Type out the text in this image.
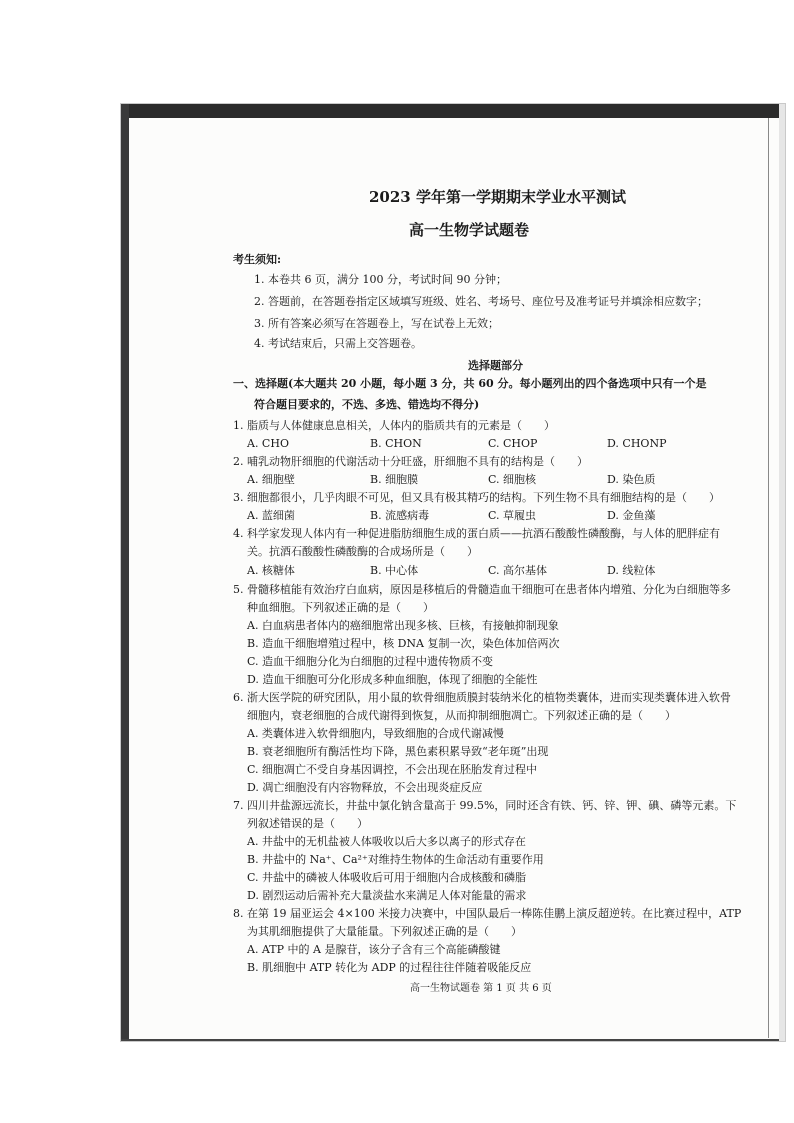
2023 学年第一学期期末学业水平测试
高一生物学试题卷
考生须知:
1. 本卷共 6 页，满分 100 分，考试时间 90 分钟；
2. 答题前，在答题卷指定区域填写班级、姓名、考场号、座位号及准考证号并填涂相应数字；
3. 所有答案必须写在答题卷上，写在试卷上无效；
4. 考试结束后，只需上交答题卷。
选择题部分
一、选择题(本大题共 20 小题，每小题 3 分，共 60 分。每小题列出的四个备选项中只有一个是
符合题目要求的，不选、多选、错选均不得分)
1. 脂质与人体健康息息相关，人体内的脂质共有的元素是（　　）
A. CHO	B. CHON	C. CHOP	D. CHONP
2. 哺乳动物肝细胞的代谢活动十分旺盛，肝细胞不具有的结构是（　　）
A. 细胞壁	B. 细胞膜	C. 细胞核	D. 染色质
3. 细胞都很小，几乎肉眼不可见，但又具有极其精巧的结构。下列生物不具有细胞结构的是（　　）
A. 蓝细菌	B. 流感病毒	C. 草履虫	D. 金鱼藻
4. 科学家发现人体内有一种促进脂肪细胞生成的蛋白质——抗酒石酸酸性磷酸酶，与人体的肥胖症有
关。抗酒石酸酸性磷酸酶的合成场所是（　　）
A. 核糖体	B. 中心体	C. 高尔基体	D. 线粒体
5. 骨髓移植能有效治疗白血病，原因是移植后的骨髓造血干细胞可在患者体内增殖、分化为白细胞等多
种血细胞。下列叙述正确的是（　　）
A. 白血病患者体内的癌细胞常出现多核、巨核，有接触抑制现象
B. 造血干细胞增殖过程中，核 DNA 复制一次，染色体加倍两次
C. 造血干细胞分化为白细胞的过程中遗传物质不变
D. 造血干细胞可分化形成多种血细胞，体现了细胞的全能性
6. 浙大医学院的研究团队，用小鼠的软骨细胞质膜封装纳米化的植物类囊体，进而实现类囊体进入软骨
细胞内，衰老细胞的合成代谢得到恢复，从而抑制细胞凋亡。下列叙述正确的是（　　）
A. 类囊体进入软骨细胞内，导致细胞的合成代谢减慢
B. 衰老细胞所有酶活性均下降，黑色素积累导致“老年斑”出现
C. 细胞凋亡不受自身基因调控，不会出现在胚胎发育过程中
D. 凋亡细胞没有内容物释放，不会出现炎症反应
7. 四川井盐源远流长，井盐中氯化钠含量高于 99.5%，同时还含有铁、钙、锌、钾、碘、磷等元素。下
列叙述错误的是（　　）
A. 井盐中的无机盐被人体吸收以后大多以离子的形式存在
B. 井盐中的 Na⁺、Ca²⁺对维持生物体的生命活动有重要作用
C. 井盐中的磷被人体吸收后可用于细胞内合成核酸和磷脂
D. 剧烈运动后需补充大量淡盐水来满足人体对能量的需求
8. 在第 19 届亚运会 4×100 米接力决赛中，中国队最后一棒陈佳鹏上演反超逆转。在比赛过程中，ATP
为其肌细胞提供了大量能量。下列叙述正确的是（　　）
A. ATP 中的 A 是腺苷，该分子含有三个高能磷酸键
B. 肌细胞中 ATP 转化为 ADP 的过程往往伴随着吸能反应
高一生物试题卷 第 1 页 共 6 页
